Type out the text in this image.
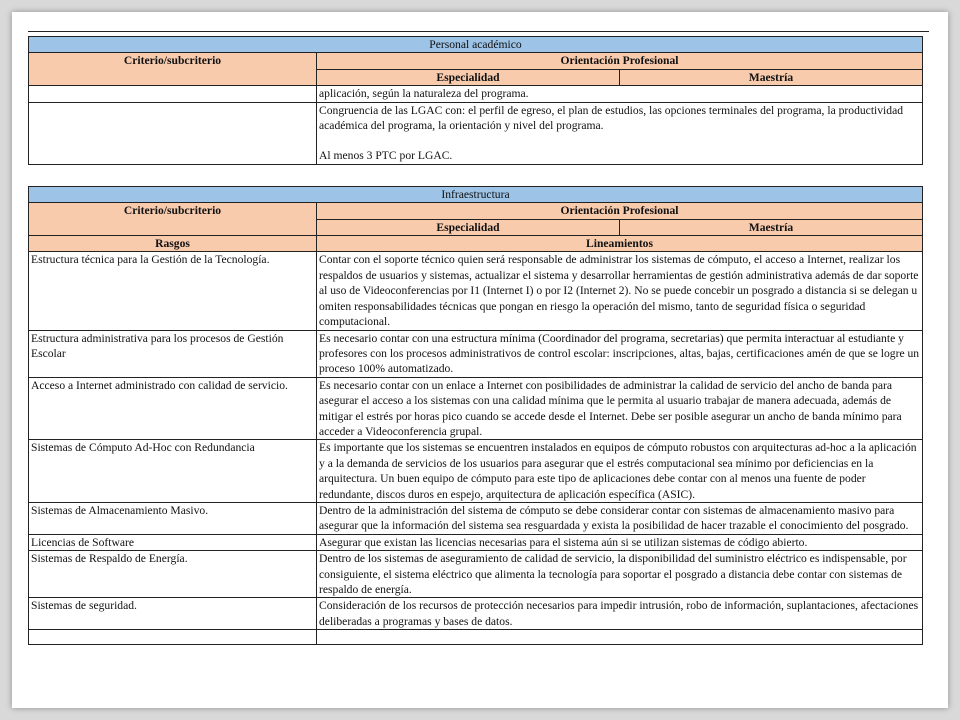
Personal académico		
Criterio/subcriterio	Orientación Profesional	
	Especialidad	Maestría

	aplicación, según la naturaleza del programa.	

	Congruencia de las LGAC con: el perfil de egreso, el plan de estudios, las opciones terminales del programa, la productividad académica del programa, la orientación y nivel del programa.

Al menos 3 PTC por LGAC.	

Infraestructura		
Criterio/subcriterio	Orientación Profesional	
	Especialidad	Maestría
Rasgos	Lineamientos	
Estructura técnica para la Gestión de la Tecnología.	Contar con el soporte técnico quien será responsable de administrar los sistemas de cómputo, el acceso a Internet, realizar los respaldos de usuarios y sistemas, actualizar el sistema y desarrollar herramientas de gestión administrativa además de dar soporte al uso de Videoconferencias por I1 (Internet I) o por I2 (Internet 2). No se puede concebir un posgrado a distancia si se delegan u omiten responsabilidades técnicas que pongan en riesgo la operación del mismo, tanto de seguridad física o seguridad computacional.	
Estructura administrativa para los procesos de Gestión Escolar	Es necesario contar con una estructura mínima (Coordinador del programa, secretarias) que permita interactuar al estudiante y profesores con los procesos administrativos de control escolar: inscripciones, altas, bajas, certificaciones amén de que se logre un proceso 100% automatizado.	
Acceso a Internet administrado con calidad de servicio.	Es necesario contar con un enlace a Internet con posibilidades de administrar la calidad de servicio del ancho de banda para asegurar el acceso a los sistemas con una calidad mínima que le permita al usuario trabajar de manera adecuada, además de mitigar el estrés por horas pico cuando se accede desde el Internet. Debe ser posible asegurar un ancho de banda mínimo para acceder a Videoconferencia grupal.	
Sistemas de Cómputo Ad-Hoc con Redundancia	Es importante que los sistemas se encuentren instalados en equipos de cómputo robustos con arquitecturas ad-hoc a la aplicación y a la demanda de servicios de los usuarios para asegurar que el estrés computacional sea mínimo por deficiencias en la arquitectura. Un buen equipo de cómputo para este tipo de aplicaciones debe contar con al menos una fuente de poder redundante, discos duros en espejo, arquitectura de aplicación específica (ASIC).	
Sistemas de Almacenamiento Masivo.	Dentro de la administración del sistema de cómputo se debe considerar contar con sistemas de almacenamiento masivo para asegurar que la información del sistema sea resguardada y exista la posibilidad de hacer trazable el conocimiento del posgrado.	
Licencias de Software	Asegurar que existan las licencias necesarias para el sistema aún si se utilizan sistemas de código abierto.	
Sistemas de Respaldo de Energía.	Dentro de los sistemas de aseguramiento de calidad de servicio, la disponibilidad del suministro eléctrico es indispensable, por consiguiente, el sistema eléctrico que alimenta la tecnología para soportar el posgrado a distancia debe contar con sistemas de respaldo de energía.	
Sistemas de seguridad.	Consideración de los recursos de protección necesarios para impedir intrusión, robo de información, suplantaciones, afectaciones deliberadas a programas y bases de datos.	
